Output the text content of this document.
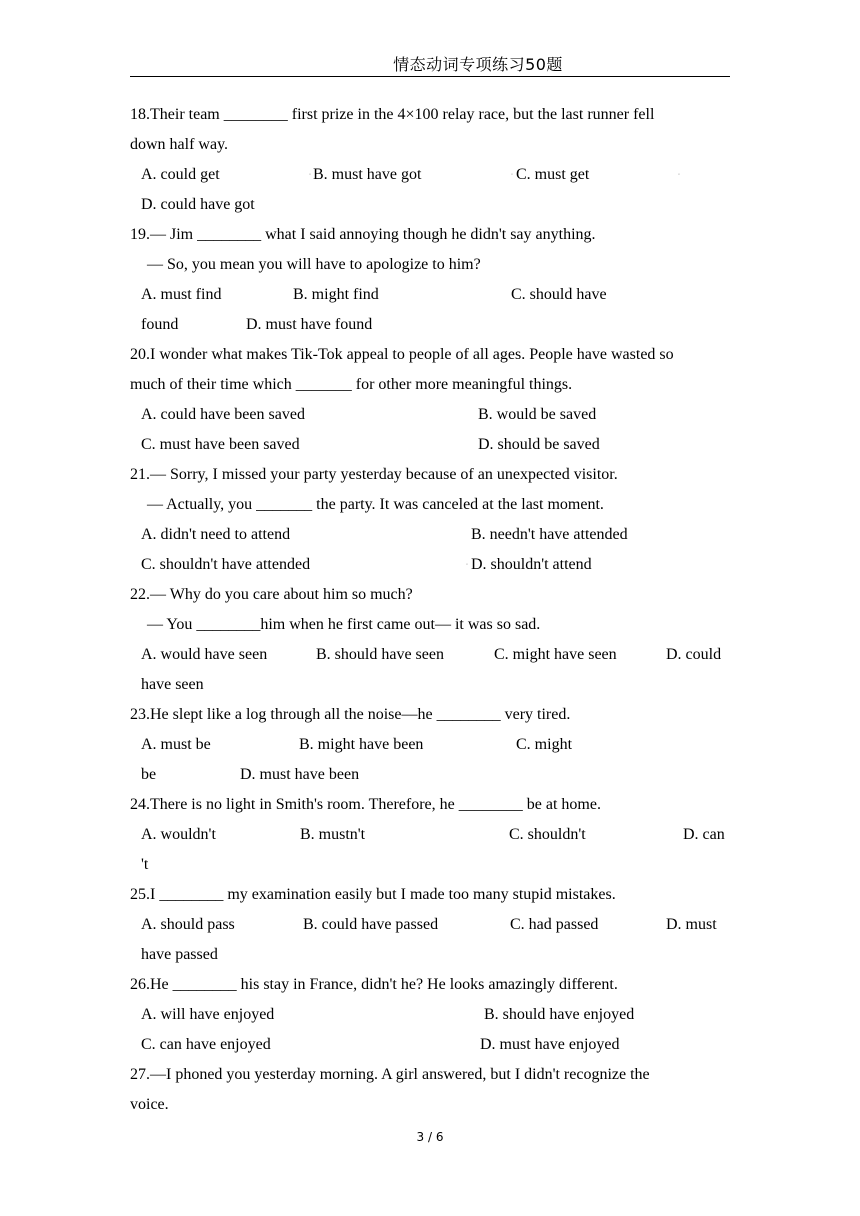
情态动词专项练习50题
18.Their team ________ first prize in the 4×100 relay race, but the last runner fell
down half way.
A. could get	◦ B. must have got	◦ C. must get	◦
D. could have got
19.— Jim ________ what I said annoying though he didn't say anything.
— So, you mean you will have to apologize to him?
A. must find	B. might find	C. should have
found	D. must have found
20.I wonder what makes Tik-Tok appeal to people of all ages. People have wasted so
much of their time which _______ for other more meaningful things.
A. could have been saved	B. would be saved
C. must have been saved	D. should be saved
21.— Sorry, I missed your party yesterday because of an unexpected visitor.
— Actually, you _______ the party. It was canceled at the last moment.
A. didn't need to attend	B. needn't have attended
C. shouldn't have attended	◦ D. shouldn't attend
22.— Why do you care about him so much?
— You ________him when he first came out— it was so sad.
A. would have seen	B. should have seen	C. might have seen	D. could
have seen
23.He slept like a log through all the noise—he ________ very tired.
A. must be	B. might have been	C. might
be	D. must have been
24.There is no light in Smith's room. Therefore, he ________ be at home.
A. wouldn't	B. mustn't	C. shouldn't	D. can
't
25.I ________ my examination easily but I made too many stupid mistakes.
A. should pass	B. could have passed	C. had passed	D. must
have passed
26.He ________ his stay in France, didn't he? He looks amazingly different.
A. will have enjoyed	B. should have enjoyed
C. can have enjoyed	D. must have enjoyed
27.—I phoned you yesterday morning. A girl answered, but I didn't recognize the
voice.
3 / 6
